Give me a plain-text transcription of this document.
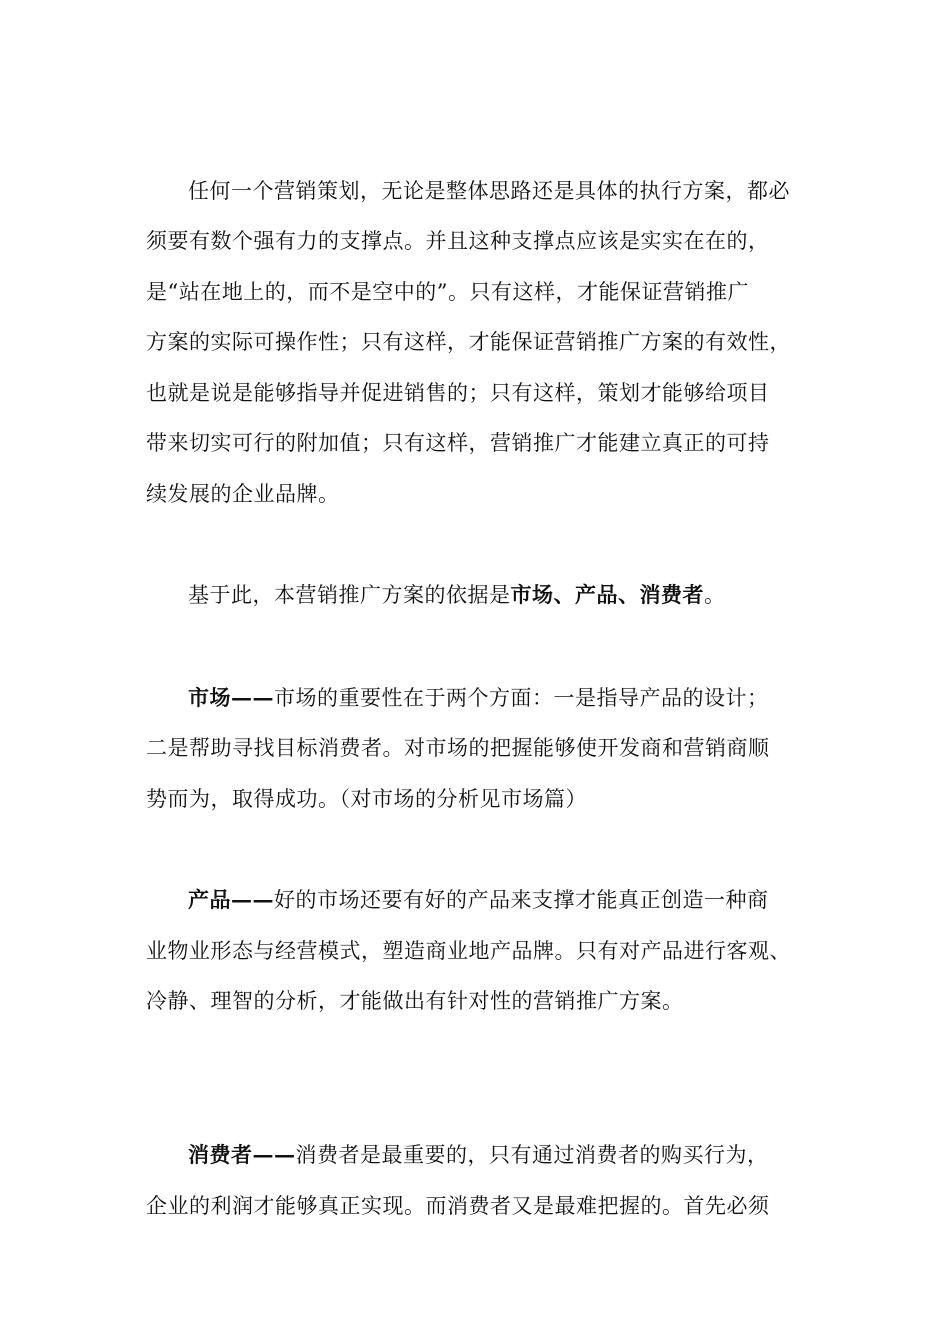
任何一个营销策划，无论是整体思路还是具体的执行方案，都必
须要有数个强有力的支撑点。并且这种支撑点应该是实实在在的，
是“站在地上的，而不是空中的”。只有这样，才能保证营销推广
方案的实际可操作性；只有这样，才能保证营销推广方案的有效性，
也就是说是能够指导并促进销售的；只有这样，策划才能够给项目
带来切实可行的附加值；只有这样，营销推广才能建立真正的可持
续发展的企业品牌。
基于此，本营销推广方案的依据是市场、产品、消费者。
市场——市场的重要性在于两个方面：一是指导产品的设计；
二是帮助寻找目标消费者。对市场的把握能够使开发商和营销商顺
势而为，取得成功。（对市场的分析见市场篇）
产品——好的市场还要有好的产品来支撑才能真正创造一种商
业物业形态与经营模式，塑造商业地产品牌。只有对产品进行客观、
冷静、理智的分析，才能做出有针对性的营销推广方案。
消费者——消费者是最重要的，只有通过消费者的购买行为，
企业的利润才能够真正实现。而消费者又是最难把握的。首先必须
